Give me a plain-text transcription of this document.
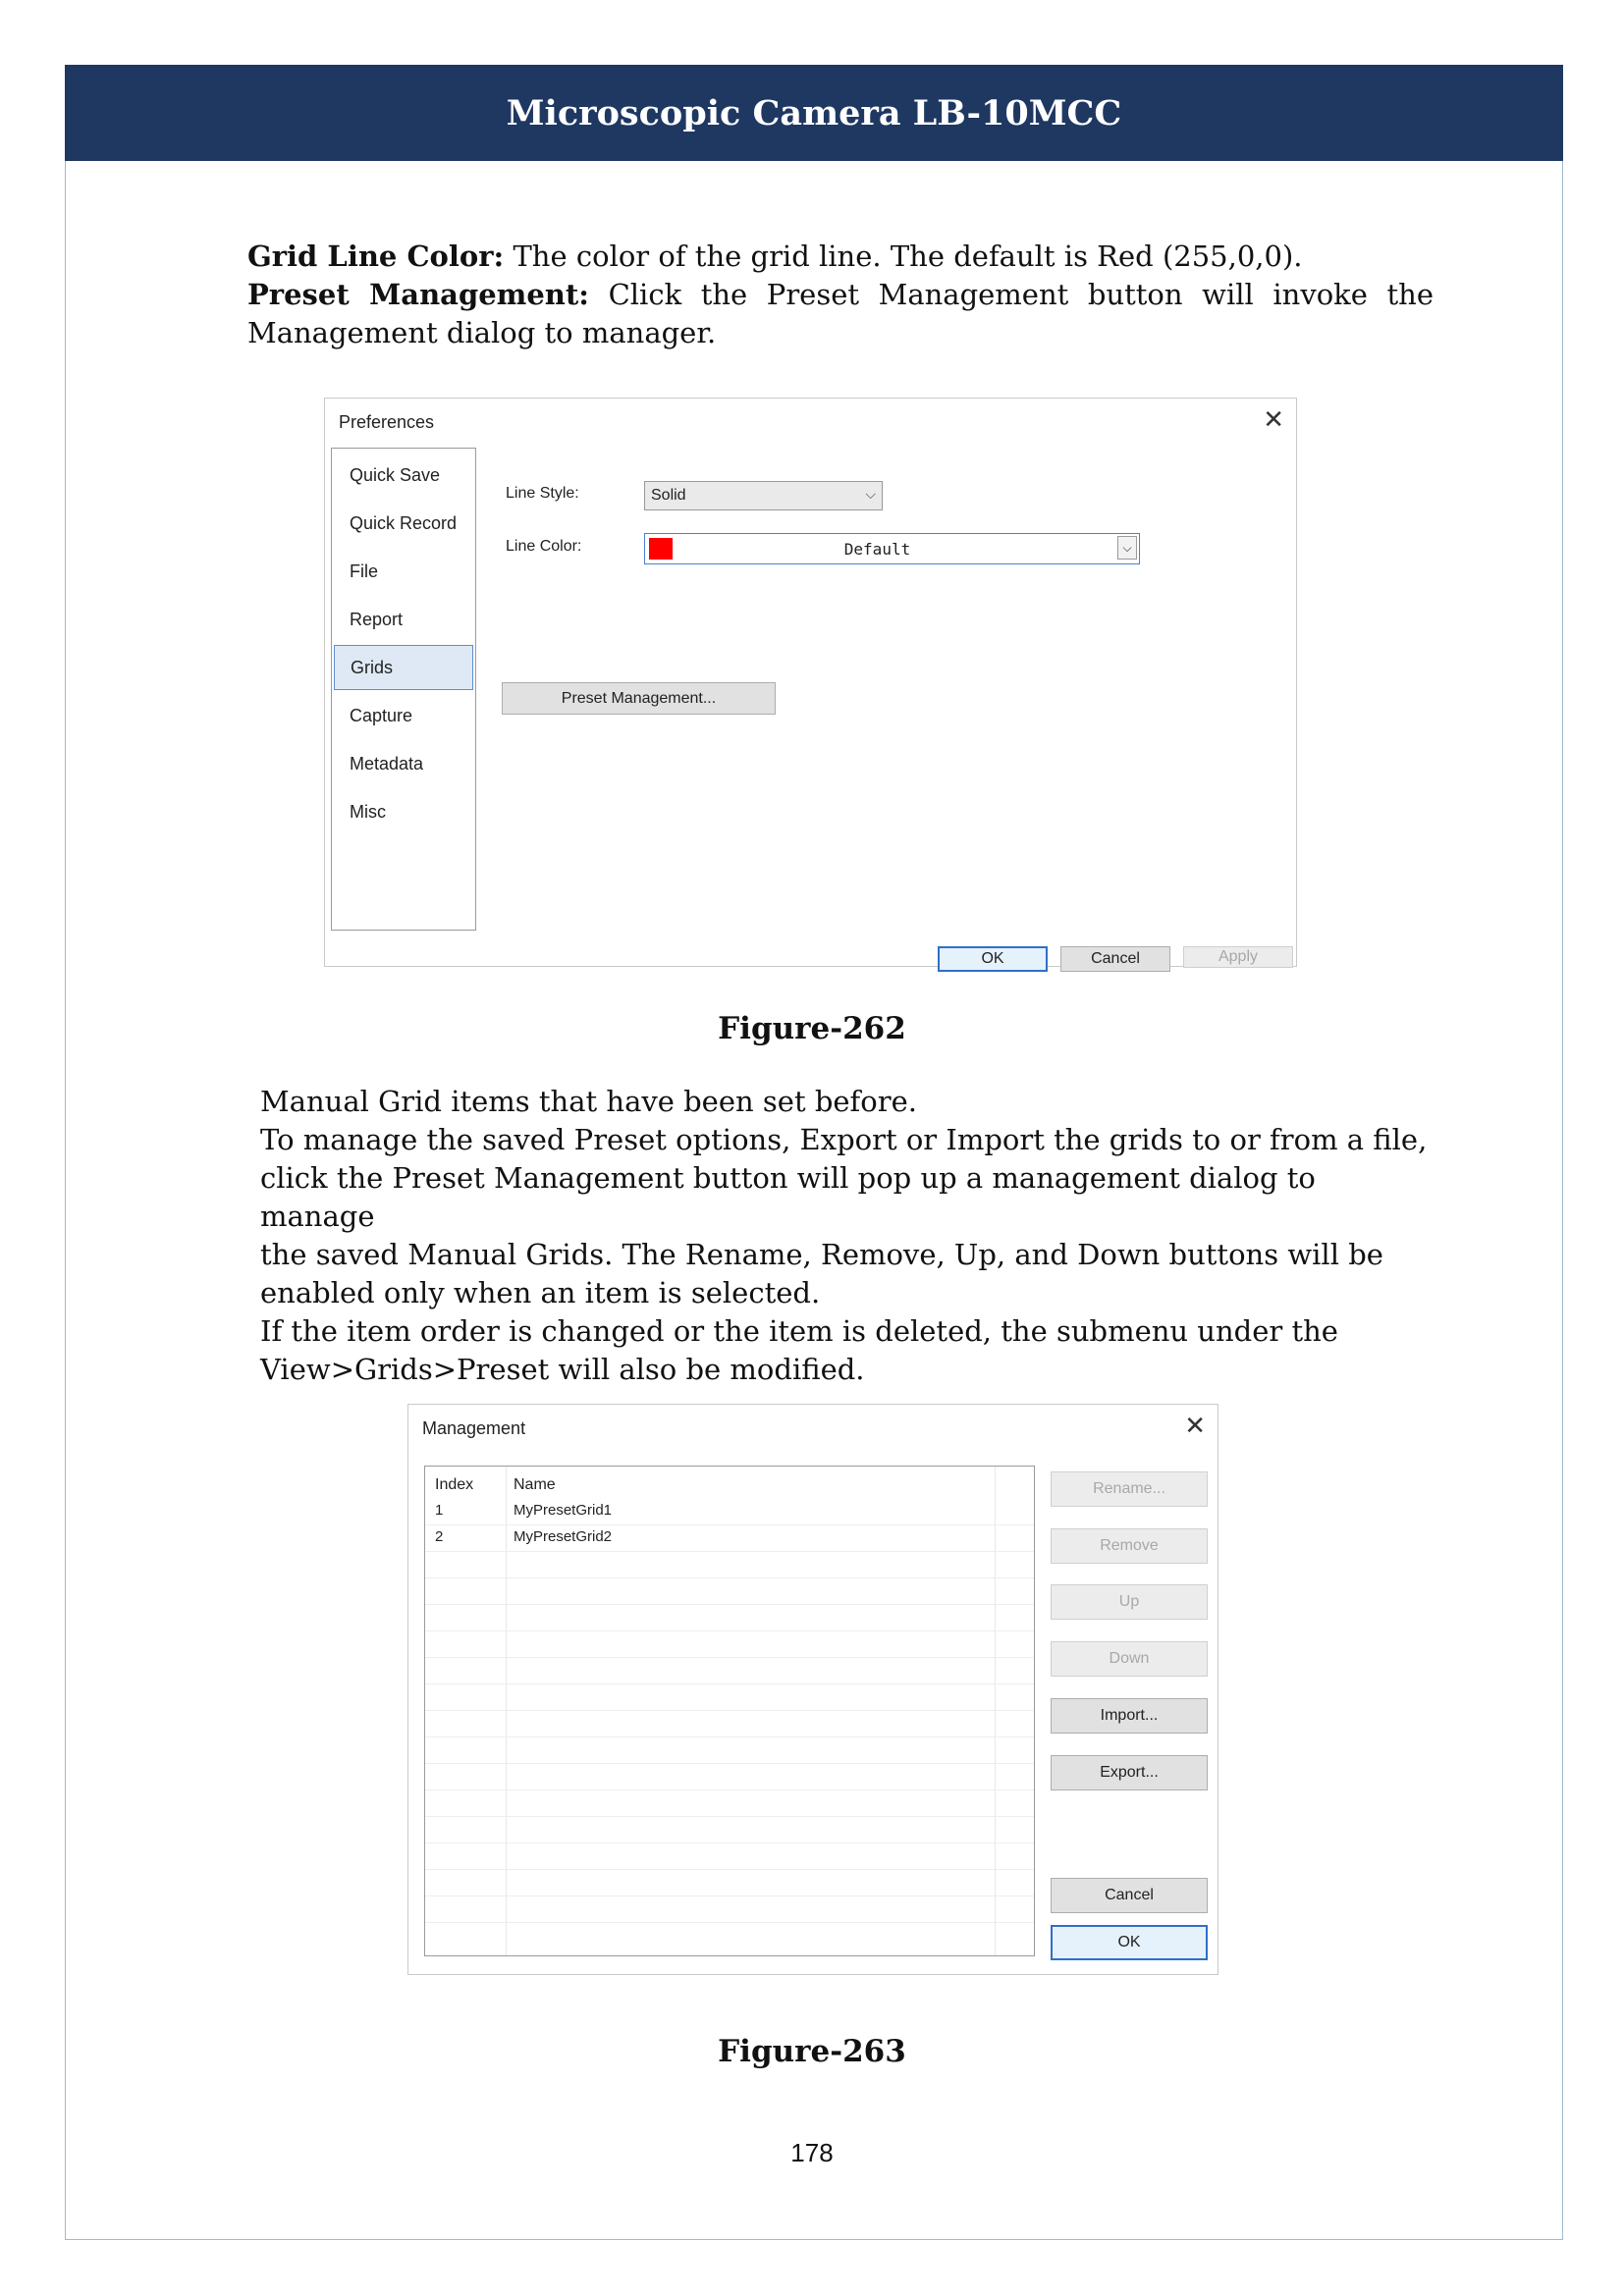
Microscopic Camera LB-10MCC

Grid Line Color: The color of the grid line. The default is Red (255,0,0).

Preset Management: Click the Preset Management button will invoke the

Management dialog to manager.

Preferences	✕
Quick Save
Quick Record
File
Report
Grids
Capture
Metadata
Misc
Line Style:	Solid	⌵
Line Color:	Default	⌵
Preset Management...
OK	Cancel	Apply
Figure-262

Manual Grid items that have been set before.

To manage the saved Preset options, Export or Import the grids to or from a file,

click the Preset Management button will pop up a management dialog to manage

the saved Manual Grids. The Rename, Remove, Up, and Down buttons will be

enabled only when an item is selected.

If the item order is changed or the item is deleted, the submenu under the

View>Grids>Preset will also be modified.

Management	✕
Index	Name
1	MyPresetGrid1
2	MyPresetGrid2
Rename...
Remove
Up
Down
Import...
Export...
Cancel
OK
Figure-263
178
